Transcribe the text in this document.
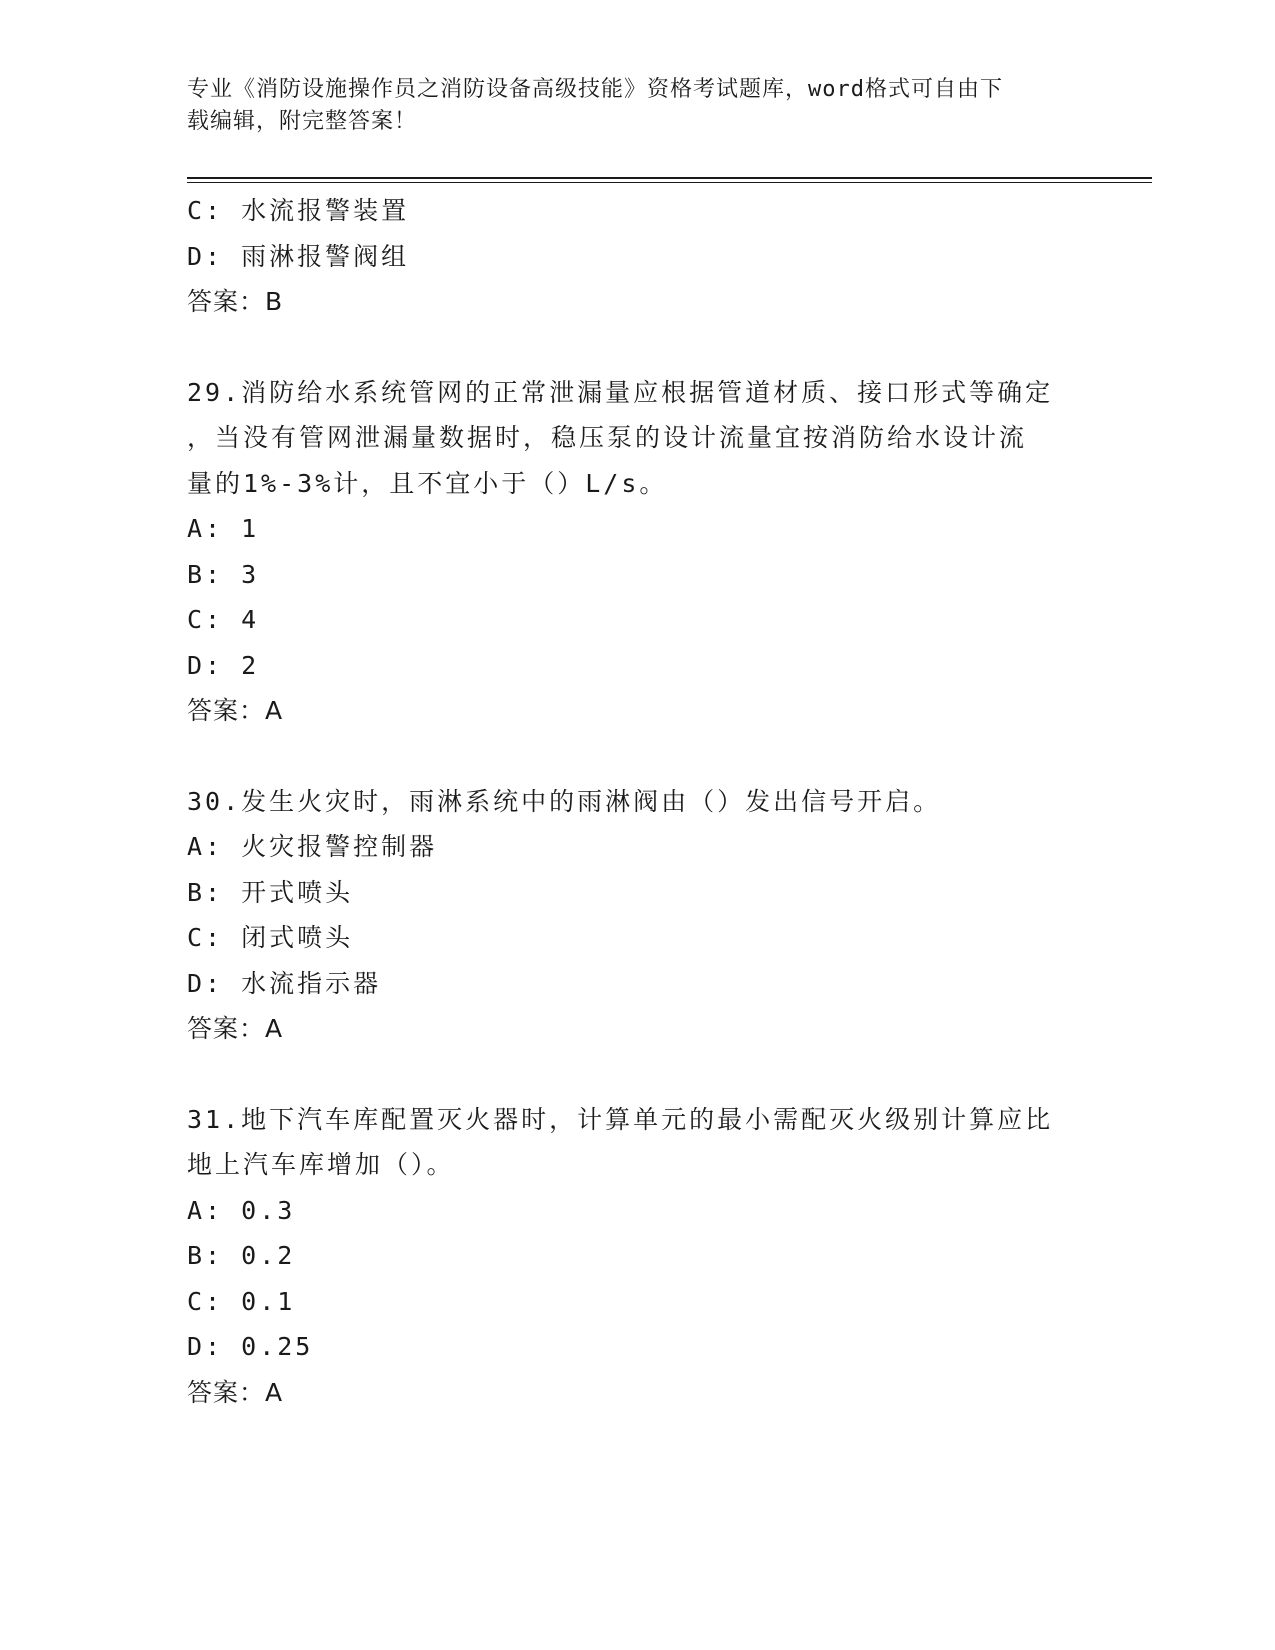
专业《消防设施操作员之消防设备高级技能》资格考试题库，word格式可自由下
载编辑，附完整答案！
C: 水流报警装置
D: 雨淋报警阀组
答案：B
29.消防给水系统管网的正常泄漏量应根据管道材质、接口形式等确定
，当没有管网泄漏量数据时，稳压泵的设计流量宜按消防给水设计流
量的1%-3%计，且不宜小于（）L/s。
A: 1
B: 3
C: 4
D: 2
答案：A
30.发生火灾时，雨淋系统中的雨淋阀由（）发出信号开启。
A: 火灾报警控制器
B: 开式喷头
C: 闭式喷头
D: 水流指示器
答案：A
31.地下汽车库配置灭火器时，计算单元的最小需配灭火级别计算应比
地上汽车库增加（）。
A: 0.3
B: 0.2
C: 0.1
D: 0.25
答案：A
